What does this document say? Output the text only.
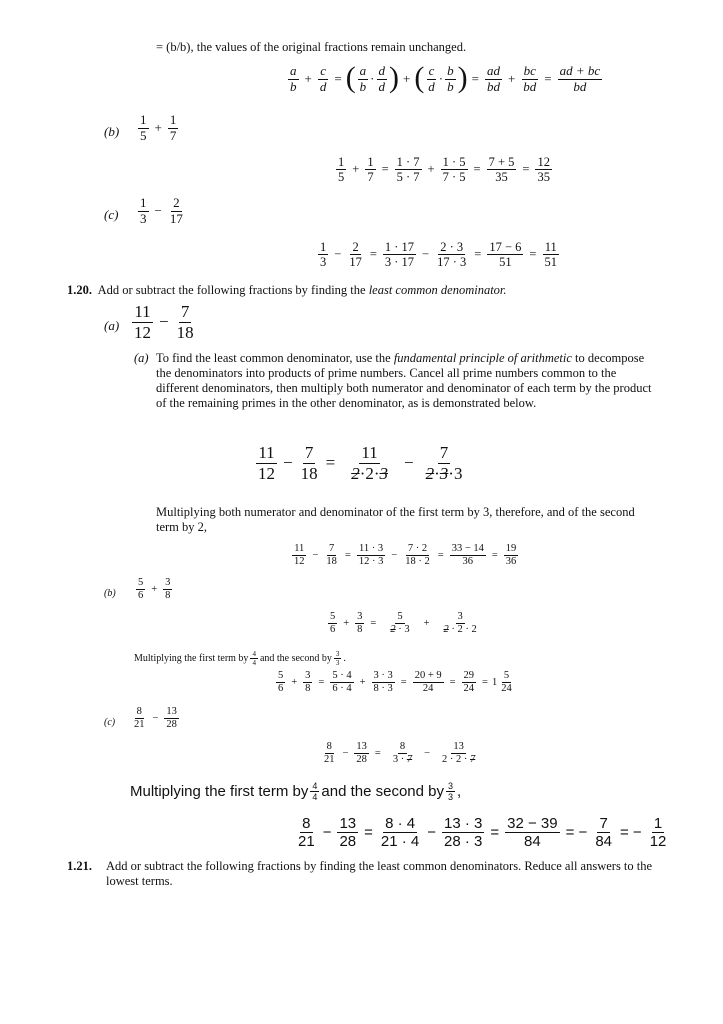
= (b/b), the values of the original fractions remain unchanged.
a
$b + \frac{c}{d}$ = ( a
b ·
d
d ) + ( c
d ·
b
b ) = $\frac{ad}{bd} + \frac{bc}{bd} = \frac{ad + bc}{bd}$
(b)
1
$5 + \frac{1}{7}$
1
5
+ $\frac{1}{7} = \frac{1 \cdot 7}{5 \cdot 7} + \frac{1 \cdot 5}{7 \cdot 5} = \frac{7 + 5}{35} = \frac{12}{35}$
(c)
1
$3 - \frac{2}{17}$
1
3
− $\frac{2}{17} = \frac{1 \cdot 17}{3 \cdot 17} - \frac{2 \cdot 3}{17 \cdot 3} = \frac{17 - 6}{51} = \frac{11}{51}$
1.20. Add or subtract the following fractions by finding the least common denominator.
(a)
11
12
− $\frac{7}{18}$
(a) To find the least common denominator, use the fundamental principle of arithmetic to decompose the denominators into products of prime numbers. Cancel all prime numbers common to the different denominators, then multiply both numerator and denominator of each term by the product of the remaining primes in the other denominator, as is demonstrated below.
11
12
− $\frac{7}{18} = \frac{11}{2\cdot 2\cdot 3} - \frac{7}{2\cdot 3\cdot 3}$
Multiplying both numerator and denominator of the first term by 3, therefore, and of the second term by 2,
11
12
− $\frac{7}{18} = \frac{11 \cdot 3}{12 \cdot 3} - \frac{7 \cdot 2}{18 \cdot 2} = \frac{33 - 14}{36} = \frac{19}{36}$
(b)
5
6
+ $\frac{3}{8}$
5
6
+ $\frac{3}{8}$ =	$\frac{5}{2 \cdot 3}$	+	$\frac{3}{2 \cdot 2 \cdot 2}$
Multiplying the first term by 4
4 and the second by 3
3 .
5
6
+ $\frac{3}{8} = \frac{5 \cdot 4}{6 \cdot 4} + \frac{3 \cdot 3}{8 \cdot 3} = \frac{20 + 9}{24} = \frac{29}{24} = 1$
5
24
(c)
8
21
− $\frac{13}{28}$
8
21
− $\frac{13}{28} = \frac{8}{3 \cdot 7} - \frac{13}{2 \cdot 2 \cdot 7}$
Multiplying the first term by 4
4 and the second by 3
3 ,
8
21
− $\frac{13}{28} = \frac{8 \cdot 4}{21 \cdot 4} - \frac{13 \cdot 3}{28 \cdot 3} = \frac{32 - 39}{84}$ = − $\frac{7}{84}$ = − $\frac{1}{12}$
1.21.	Add or subtract the following fractions by finding the least common denominators. Reduce all answers to the lowest terms.
